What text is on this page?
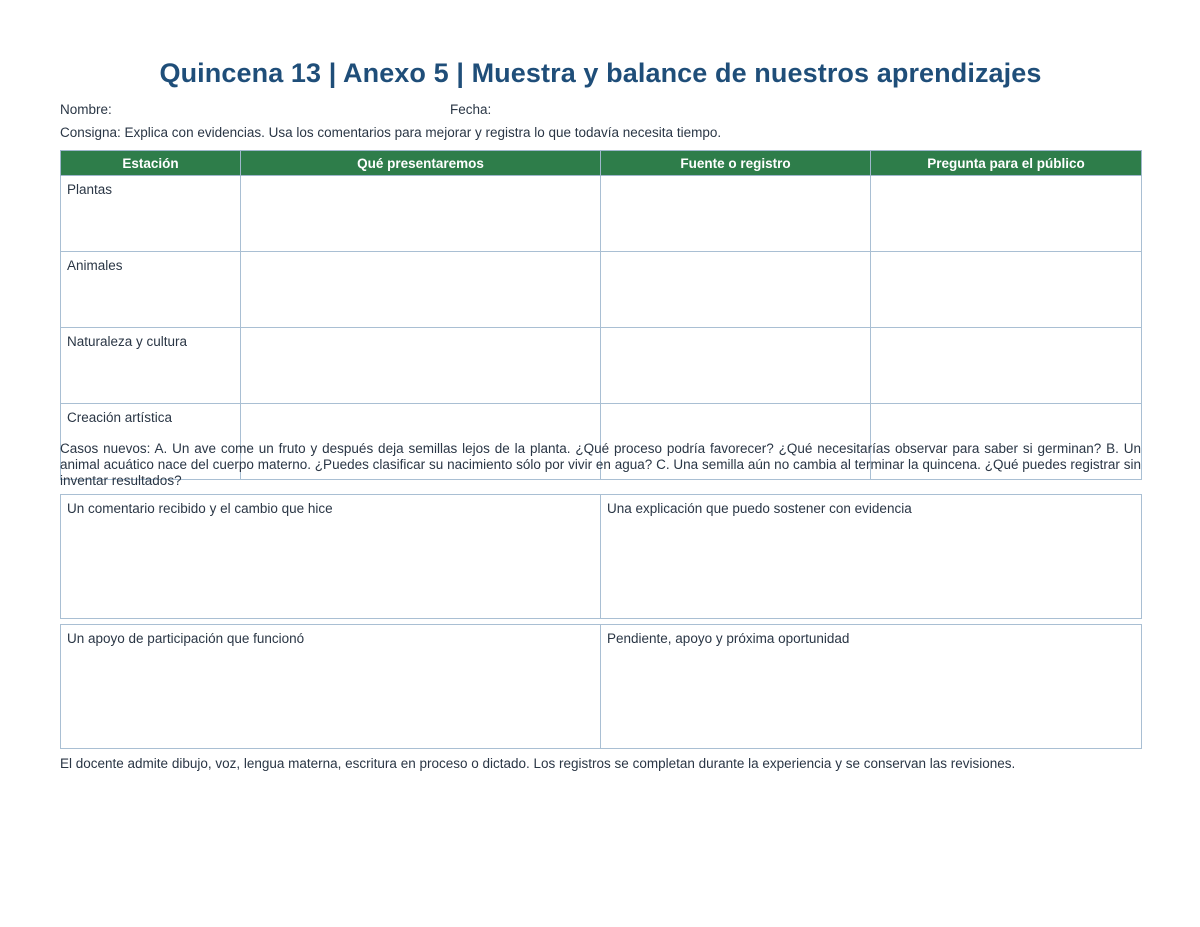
Quincena 13 | Anexo 5 | Muestra y balance de nuestros aprendizajes
Nombre:	Fecha:
Consigna: Explica con evidencias. Usa los comentarios para mejorar y registra lo que todavía necesita tiempo.
Estación	Qué presentaremos	Fuente o registro	Pregunta para el público
Plantas			
Animales			
Naturaleza y cultura			
Creación artística			
Casos nuevos: A. Un ave come un fruto y después deja semillas lejos de la planta. ¿Qué proceso podría favorecer? ¿Qué necesitarías observar para saber si germinan? B. Un animal acuático nace del cuerpo materno. ¿Puedes clasificar su nacimiento sólo por vivir en agua? C. Una semilla aún no cambia al terminar la quincena. ¿Qué puedes registrar sin inventar resultados?
Un comentario recibido y el cambio que hice	Una explicación que puedo sostener con evidencia
Un apoyo de participación que funcionó	Pendiente, apoyo y próxima oportunidad
El docente admite dibujo, voz, lengua materna, escritura en proceso o dictado. Los registros se completan durante la experiencia y se conservan las revisiones.
